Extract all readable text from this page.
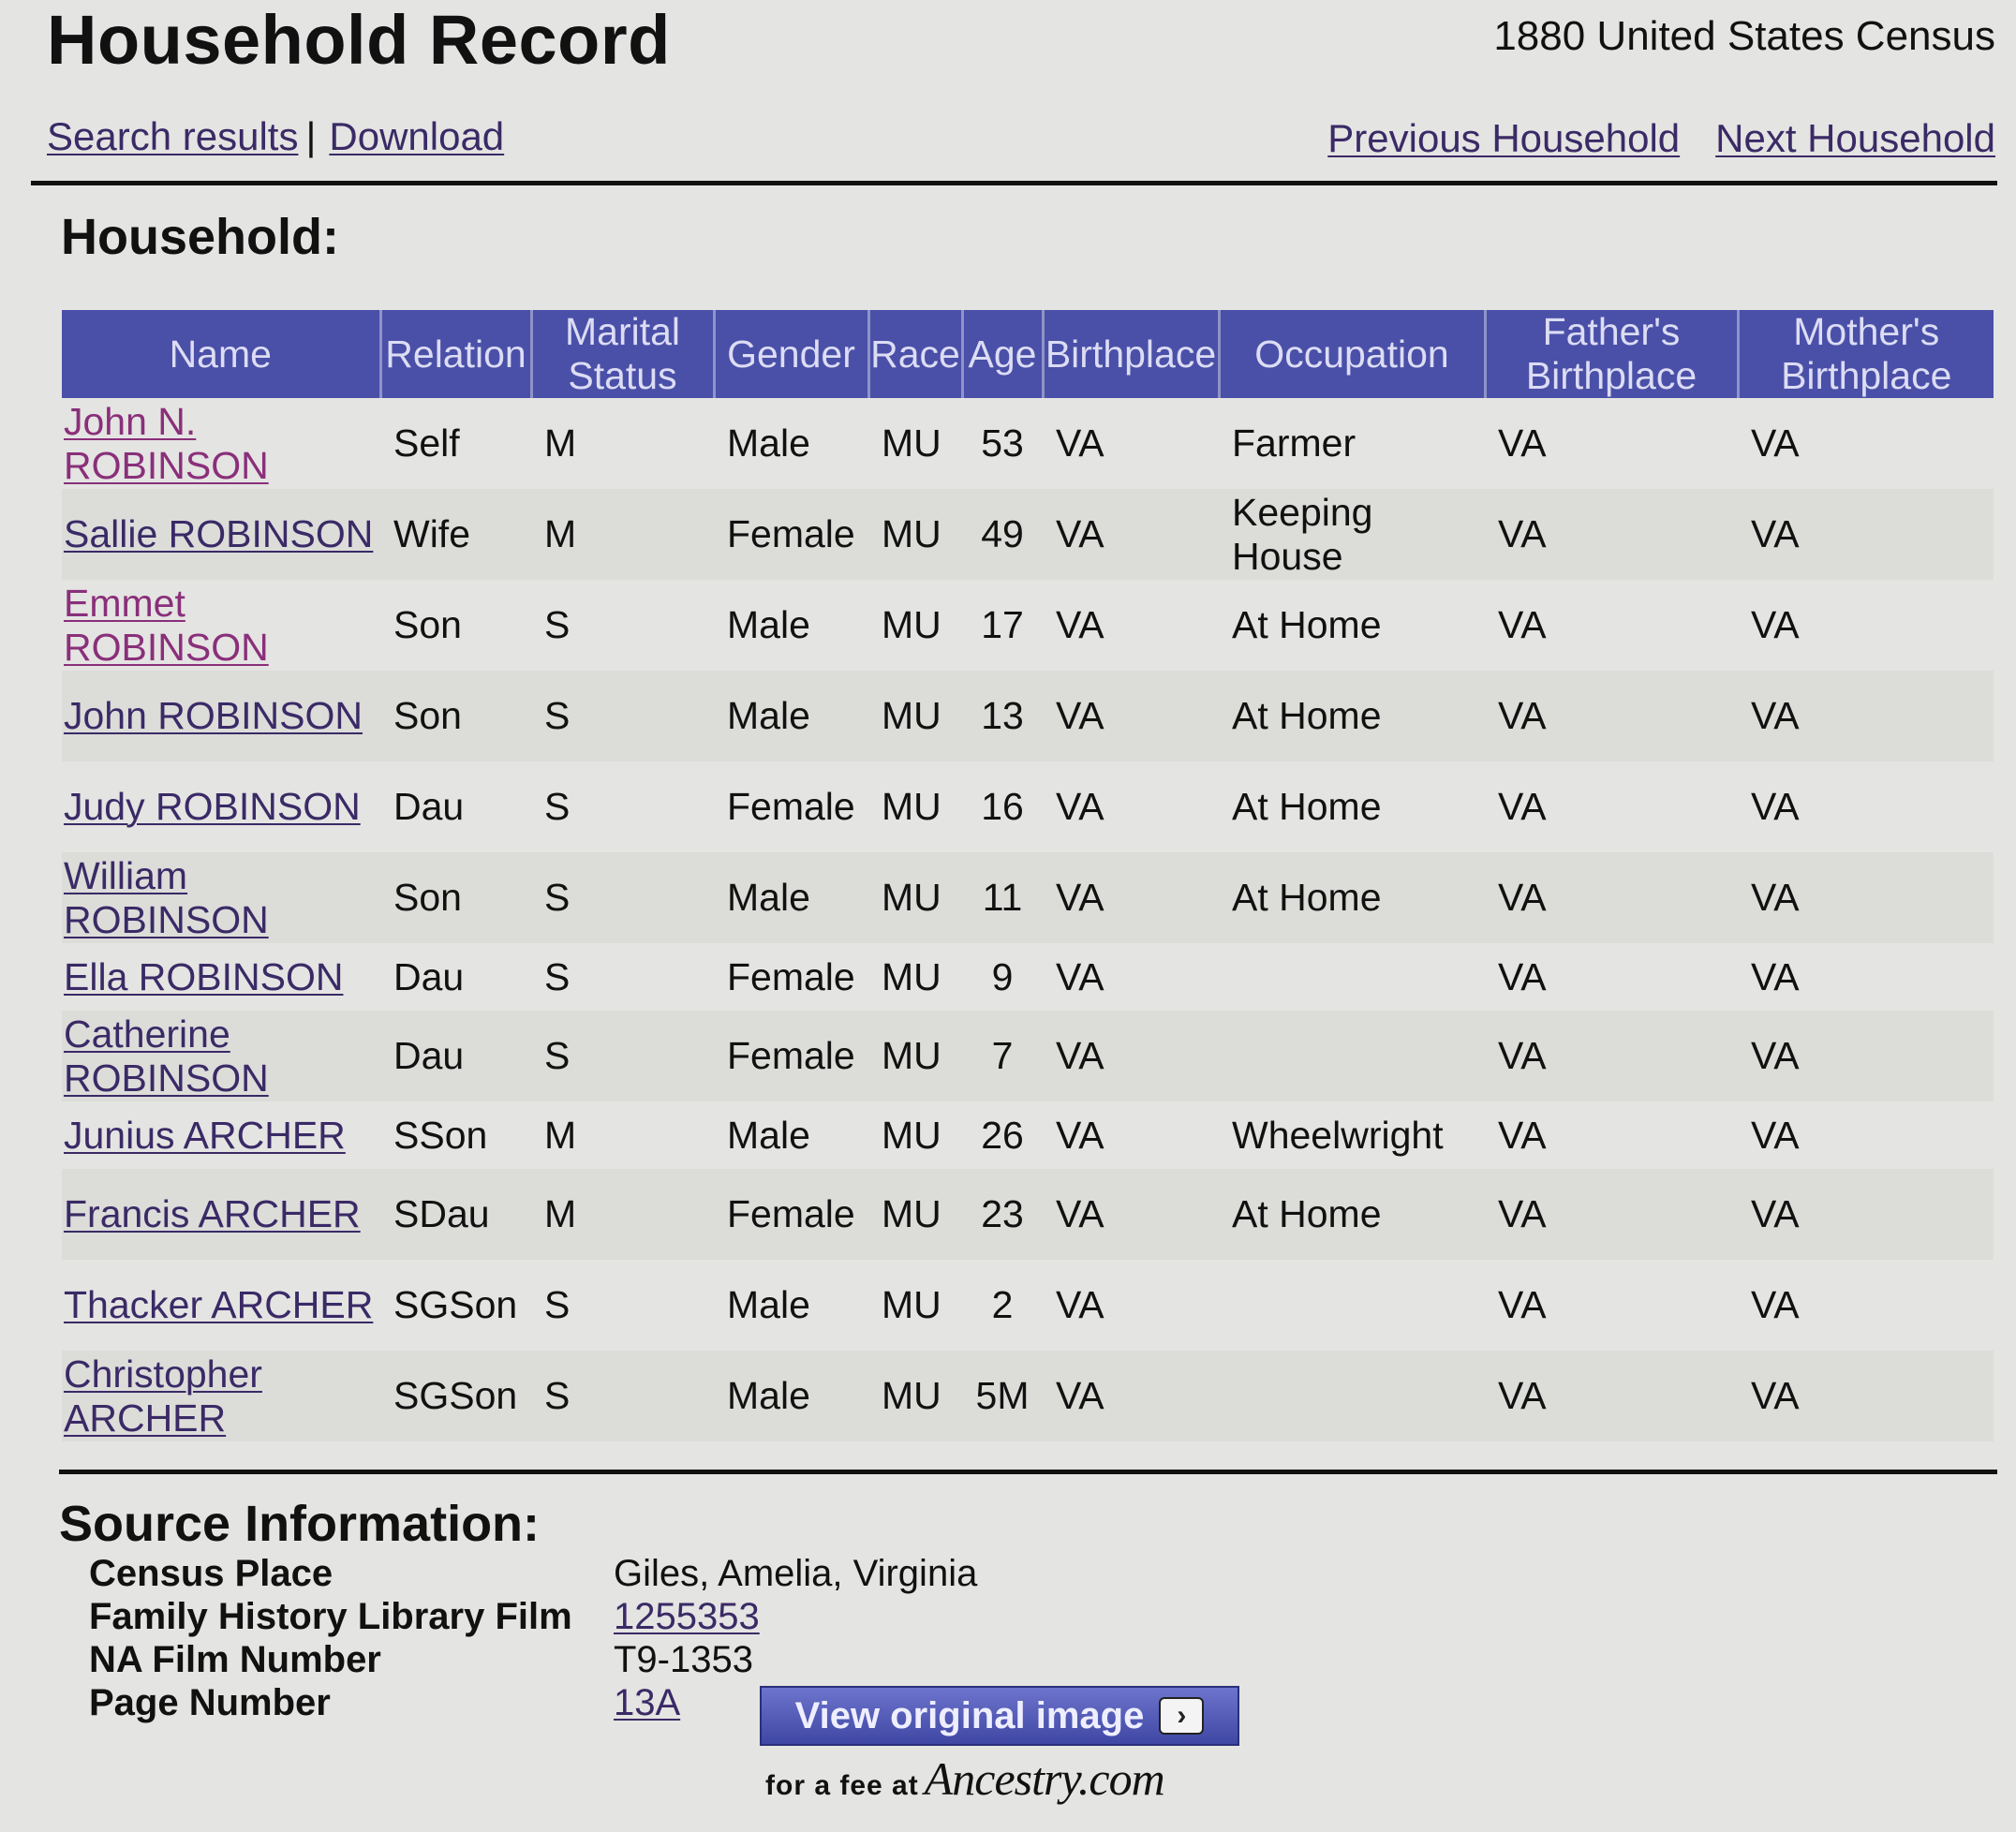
Household Record	1880 United States Census
Search results | Download	Previous Household Next Household
Household:
Name	Relation	Marital Status	Gender	Race	Age	Birthplace	Occupation	Father's Birthplace	Mother's Birthplace
John N. ROBINSON	Self	M	Male	MU	53	VA	Farmer	VA	VA
Sallie ROBINSON	Wife	M	Female	MU	49	VA	Keeping House	VA	VA
Emmet ROBINSON	Son	S	Male	MU	17	VA	At Home	VA	VA
John ROBINSON	Son	S	Male	MU	13	VA	At Home	VA	VA
Judy ROBINSON	Dau	S	Female	MU	16	VA	At Home	VA	VA
William ROBINSON	Son	S	Male	MU	11	VA	At Home	VA	VA
Ella ROBINSON	Dau	S	Female	MU	9	VA		VA	VA
Catherine ROBINSON	Dau	S	Female	MU	7	VA		VA	VA
Junius ARCHER	SSon	M	Male	MU	26	VA	Wheelwright	VA	VA
Francis ARCHER	SDau	M	Female	MU	23	VA	At Home	VA	VA
Thacker ARCHER	SGSon	S	Male	MU	2	VA		VA	VA
Christopher ARCHER	SGSon	S	Male	MU	5M	VA		VA	VA
Source Information:
Census Place	Giles, Amelia, Virginia
Family History Library Film 1255353
NA Film Number	T9-1353
Page Number	13A	View original image	›
for a fee at Ancestry.com
